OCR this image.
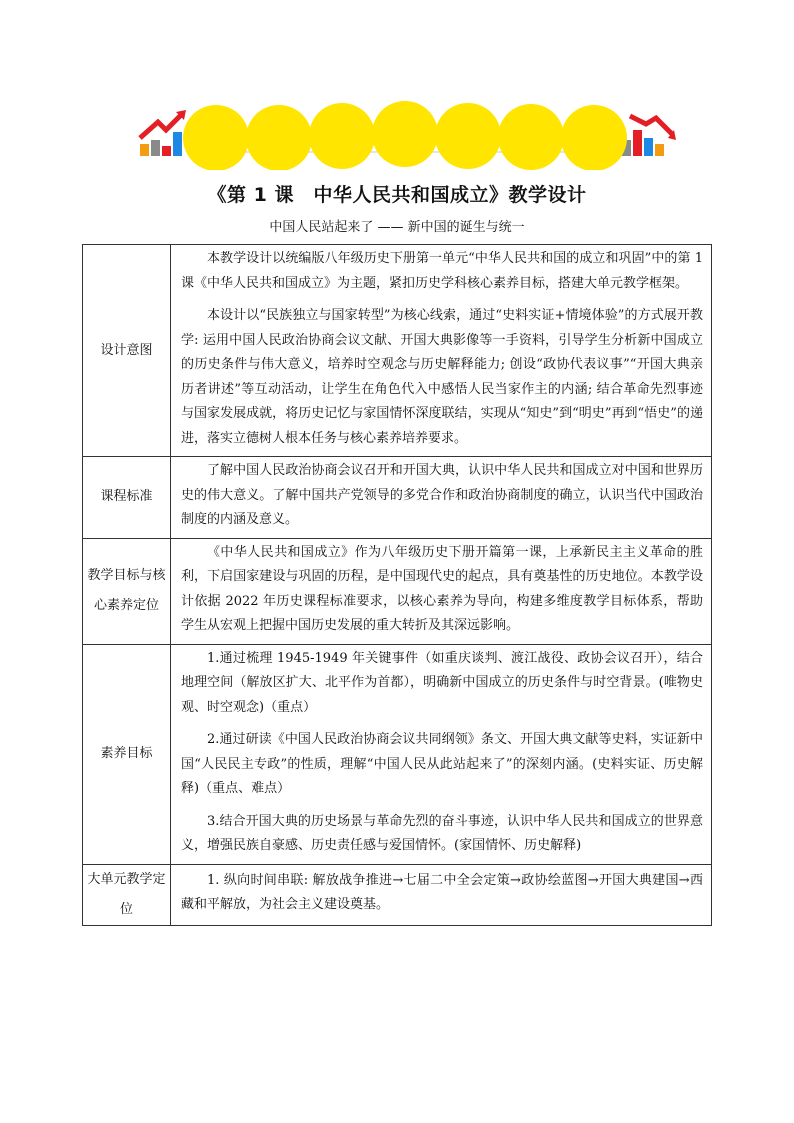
《第 1 课　中华人民共和国成立》教学设计
中国人民站起来了 —— 新中国的诞生与统一
设计意图	本教学设计以统编版八年级历史下册第一单元“中华人民共和国的成立和巩固”中的第 1 课《中华人民共和国成立》为主题，紧扣历史学科核心素养目标，搭建大单元教学框架。

本设计以“民族独立与国家转型”为核心线索，通过“史料实证+情境体验”的方式展开教学: 运用中国人民政治协商会议文献、开国大典影像等一手资料，引导学生分析新中国成立的历史条件与伟大意义，培养时空观念与历史解释能力; 创设“政协代表议事”“开国大典亲历者讲述”等互动活动，让学生在角色代入中感悟人民当家作主的内涵; 结合革命先烈事迹与国家发展成就，将历史记忆与家国情怀深度联结，实现从“知史”到“明史”再到“悟史”的递进，落实立德树人根本任务与核心素养培养要求。

课程标准	了解中国人民政治协商会议召开和开国大典，认识中华人民共和国成立对中国和世界历史的伟大意义。了解中国共产党领导的多党合作和政治协商制度的确立，认识当代中国政治制度的内涵及意义。

教学目标与核心素养定位	《中华人民共和国成立》作为八年级历史下册开篇第一课，上承新民主主义革命的胜利，下启国家建设与巩固的历程，是中国现代史的起点，具有奠基性的历史地位。本教学设计依据 2022 年历史课程标准要求，以核心素养为导向，构建多维度教学目标体系，帮助学生从宏观上把握中国历史发展的重大转折及其深远影响。

素养目标	1.通过梳理 1945-1949 年关键事件（如重庆谈判、渡江战役、政协会议召开），结合地理空间（解放区扩大、北平作为首都），明确新中国成立的历史条件与时空背景。(唯物史观、时空观念)（重点）

2.通过研读《中国人民政治协商会议共同纲领》条文、开国大典文献等史料，实证新中国“人民民主专政”的性质，理解“中国人民从此站起来了”的深刻内涵。(史料实证、历史解释)（重点、难点）

3.结合开国大典的历史场景与革命先烈的奋斗事迹，认识中华人民共和国成立的世界意义，增强民族自豪感、历史责任感与爱国情怀。(家国情怀、历史解释)

大单元教学定位	1. 纵向时间串联: 解放战争推进→七届二中全会定策→政协绘蓝图→开国大典建国→西藏和平解放，为社会主义建设奠基。
